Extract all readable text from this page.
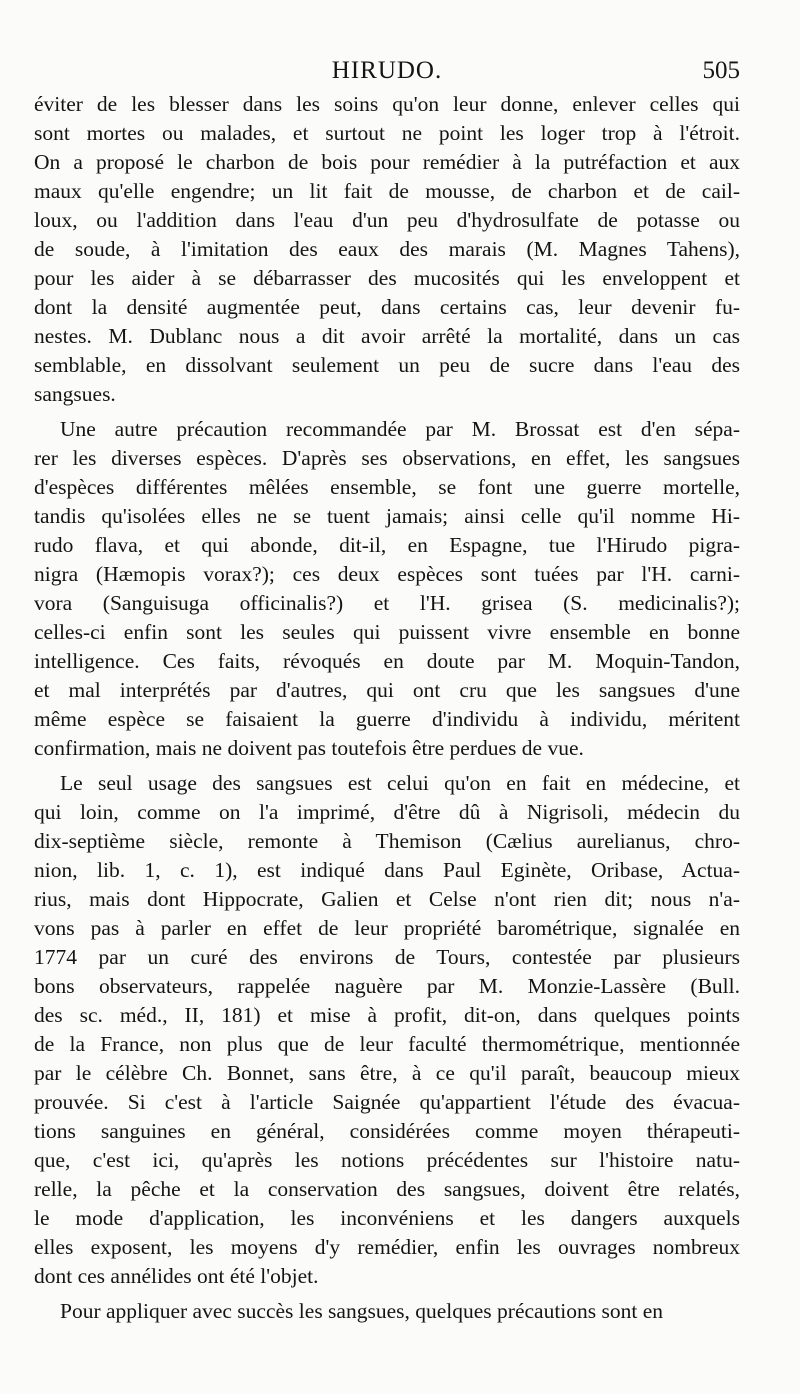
HIRUDO.	505
éviter de les blesser dans les soins qu'on leur donne, enlever celles qui
sont mortes ou malades, et surtout ne point les loger trop à l'étroit.
On a proposé le charbon de bois pour remédier à la putréfaction et aux
maux qu'elle engendre; un lit fait de mousse, de charbon et de cail-
loux, ou l'addition dans l'eau d'un peu d'hydrosulfate de potasse ou
de soude, à l'imitation des eaux des marais (M. Magnes Tahens),
pour les aider à se débarrasser des mucosités qui les enveloppent et
dont la densité augmentée peut, dans certains cas, leur devenir fu-
nestes. M. Dublanc nous a dit avoir arrêté la mortalité, dans un cas
semblable, en dissolvant seulement un peu de sucre dans l'eau des
sangsues.
Une autre précaution recommandée par M. Brossat est d'en sépa-
rer les diverses espèces. D'après ses observations, en effet, les sangsues
d'espèces différentes mêlées ensemble, se font une guerre mortelle,
tandis qu'isolées elles ne se tuent jamais; ainsi celle qu'il nomme Hi-
rudo flava, et qui abonde, dit-il, en Espagne, tue l'Hirudo pigra-
nigra (Hæmopis vorax?); ces deux espèces sont tuées par l'H. carni-
vora (Sanguisuga officinalis?) et l'H. grisea (S. medicinalis?);
celles-ci enfin sont les seules qui puissent vivre ensemble en bonne
intelligence. Ces faits, révoqués en doute par M. Moquin-Tandon,
et mal interprétés par d'autres, qui ont cru que les sangsues d'une
même espèce se faisaient la guerre d'individu à individu, méritent
confirmation, mais ne doivent pas toutefois être perdues de vue.
Le seul usage des sangsues est celui qu'on en fait en médecine, et
qui loin, comme on l'a imprimé, d'être dû à Nigrisoli, médecin du
dix-septième siècle, remonte à Themison (Cælius aurelianus, chro-
nion, lib. 1, c. 1), est indiqué dans Paul Eginète, Oribase, Actua-
rius, mais dont Hippocrate, Galien et Celse n'ont rien dit; nous n'a-
vons pas à parler en effet de leur propriété barométrique, signalée en
1774 par un curé des environs de Tours, contestée par plusieurs
bons observateurs, rappelée naguère par M. Monzie-Lassère (Bull.
des sc. méd., II, 181) et mise à profit, dit-on, dans quelques points
de la France, non plus que de leur faculté thermométrique, mentionnée
par le célèbre Ch. Bonnet, sans être, à ce qu'il paraît, beaucoup mieux
prouvée. Si c'est à l'article Saignée qu'appartient l'étude des évacua-
tions sanguines en général, considérées comme moyen thérapeuti-
que, c'est ici, qu'après les notions précédentes sur l'histoire natu-
relle, la pêche et la conservation des sangsues, doivent être relatés,
le mode d'application, les inconvéniens et les dangers auxquels
elles exposent, les moyens d'y remédier, enfin les ouvrages nombreux
dont ces annélides ont été l'objet.
Pour appliquer avec succès les sangsues, quelques précautions sont en
